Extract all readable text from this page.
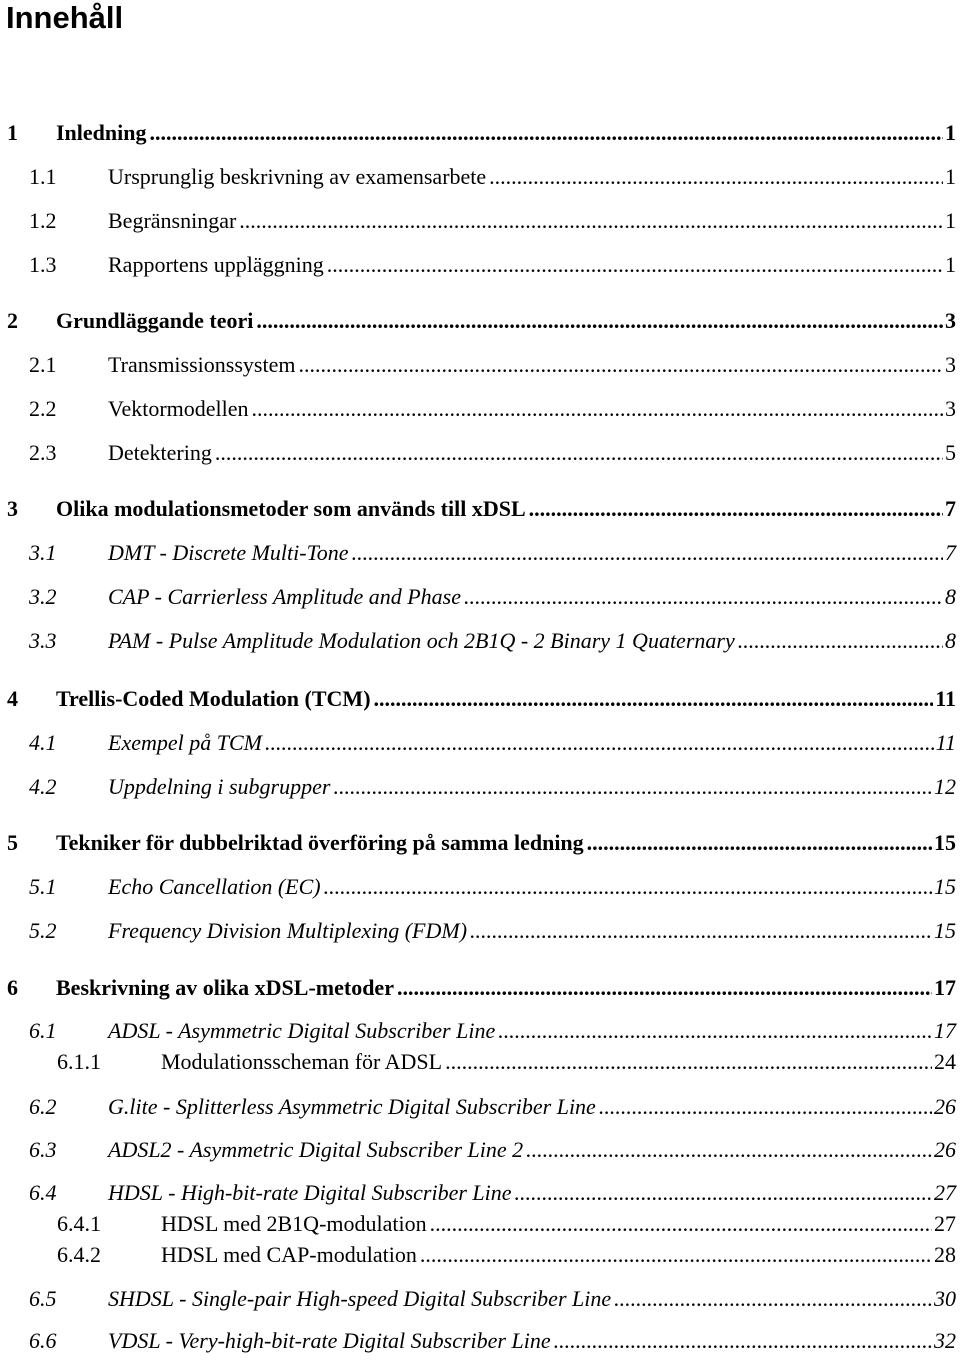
Innehåll
1	Inledning .....	1
1.1	Ursprunglig beskrivning av examensarbete .....	1
1.2	Begränsningar .....	1
1.3	Rapportens uppläggning .....	1
2	Grundläggande teori .....	3
2.1	Transmissionssystem .....	3
2.2	Vektormodellen .....	3
2.3	Detektering .....	5
3	Olika modulationsmetoder som används till xDSL .....	7
3.1	DMT - Discrete Multi-Tone .....	7
3.2	CAP - Carrierless Amplitude and Phase .....	8
3.3	PAM - Pulse Amplitude Modulation och 2B1Q - 2 Binary 1 Quaternary .....	8
4	Trellis-Coded Modulation (TCM) .....	11
4.1	Exempel på TCM .....	11
4.2	Uppdelning i subgrupper .....	12
5	Tekniker för dubbelriktad överföring på samma ledning .....	15
5.1	Echo Cancellation (EC) .....	15
5.2	Frequency Division Multiplexing (FDM) .....	15
6	Beskrivning av olika xDSL-metoder .....	17
6.1	ADSL - Asymmetric Digital Subscriber Line .....	17
6.1.1	Modulationsscheman för ADSL .....	24
6.2	G.lite - Splitterless Asymmetric Digital Subscriber Line .....	26
6.3	ADSL2 - Asymmetric Digital Subscriber Line 2 .....	26
6.4	HDSL - High-bit-rate Digital Subscriber Line .....	27
6.4.1	HDSL med 2B1Q-modulation .....	27
6.4.2	HDSL med CAP-modulation .....	28
6.5	SHDSL - Single-pair High-speed Digital Subscriber Line .....	30
6.6	VDSL - Very-high-bit-rate Digital Subscriber Line .....	32
